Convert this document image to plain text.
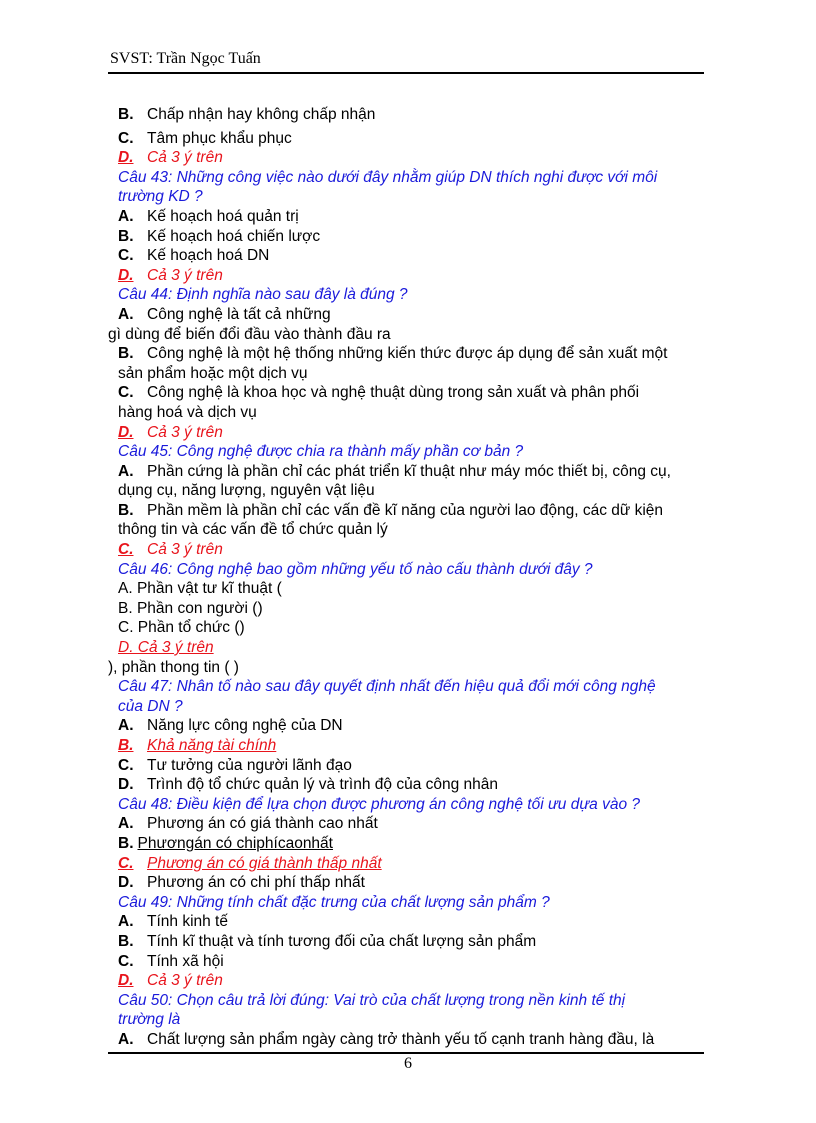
SVST: Trần Ngọc Tuấn
B. Chấp nhận hay không chấp nhận
C. Tâm phục khẩu phục
D. Cả 3 ý trên
Câu 43: Những công việc nào dưới đây nhằm giúp DN thích nghi được với môi
trường KD ?
A. Kế hoạch hoá quản trị
B. Kế hoạch hoá chiến lược
C. Kế hoạch hoá DN
D. Cả 3 ý trên
Câu 44: Định nghĩa nào sau đây là đúng ?
A. Công nghệ là tất cả những
gì dùng để biến đổi đầu vào thành đầu ra
B. Công nghệ là một hệ thống những kiến thức được áp dụng để sản xuất một
sản phẩm hoặc một dịch vụ
C. Công nghệ là khoa học và nghệ thuật dùng trong sản xuất và phân phối
hàng hoá và dịch vụ
D. Cả 3 ý trên
Câu 45: Công nghệ được chia ra thành mấy phần cơ bản ?
A. Phần cứng là phần chỉ các phát triển kĩ thuật như máy móc thiết bị, công cụ,
dụng cụ, năng lượng, nguyên vật liệu
B. Phần mềm là phần chỉ các vấn đề kĩ năng của người lao động, các dữ kiện
thông tin và các vấn đề tổ chức quản lý
C. Cả 3 ý trên
Câu 46: Công nghệ bao gồm những yếu tố nào cấu thành dưới đây ?
A. Phần vật tư kĩ thuật (
B. Phần con người ()
C. Phần tổ chức ()
D. Cả 3 ý trên
), phần thong tin ( )
Câu 47: Nhân tố nào sau đây quyết định nhất đến hiệu quả đổi mới công nghệ
của DN ?
A. Năng lực công nghệ của DN
B. Khả năng tài chính
C. Tư tưởng của người lãnh đạo
D. Trình độ tổ chức quản lý và trình độ của công nhân
Câu 48: Điều kiện để lựa chọn được phương án công nghệ tối ưu dựa vào ?
A. Phương án có giá thành cao nhất
B. Phươngán có chiphícaonhất
C. Phương án có giá thành thấp nhất
D. Phương án có chi phí thấp nhất
Câu 49: Những tính chất đặc trưng của chất lượng sản phẩm ?
A. Tính kinh tế
B. Tính kĩ thuật và tính tương đối của chất lượng sản phẩm
C. Tính xã hội
D. Cả 3 ý trên
Câu 50: Chọn câu trả lời đúng: Vai trò của chất lượng trong nền kinh tế thị
trường là
A. Chất lượng sản phẩm ngày càng trở thành yếu tố cạnh tranh hàng đầu, là
6
